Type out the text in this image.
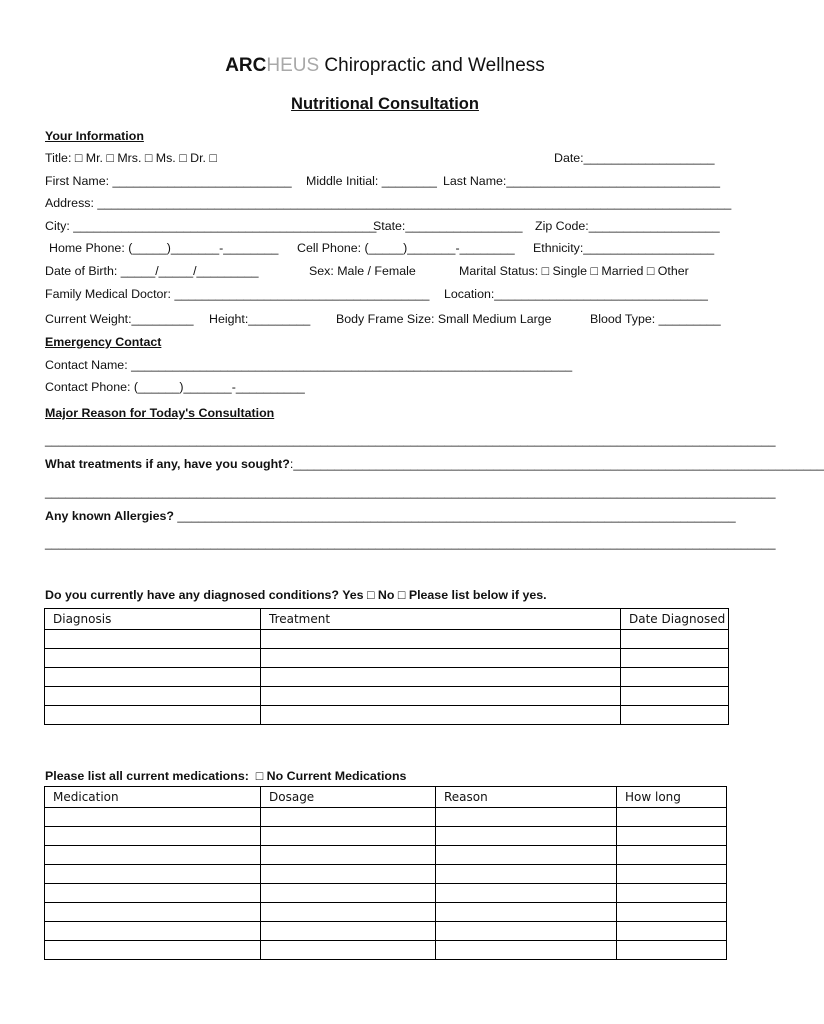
ARCHEUS Chiropractic and Wellness
Nutritional Consultation
Your Information
Title: □ Mr. □ Mrs. □ Ms. □ Dr. □	Date:___________________
First Name: __________________________ Middle Initial: ________ Last Name:_______________________________
Address: ____________________________________________________________________________________________
City: ____________________________________________
State:_________________ Zip Code:___________________
Home Phone: (_____)_______-________ Cell Phone: (_____)_______-________ Ethnicity:___________________
Date of Birth: _____/_____/_________	Sex: Male / Female	Marital Status: □ Single □ Married □ Other
Family Medical Doctor: _____________________________________ Location:_______________________________
Current Weight:_________ Height:_________ Body Frame Size: Small Medium Large	Blood Type: _________
Emergency Contact
Contact Name: ________________________________________________________________
Contact Phone: (______)_______-__________
Major Reason for Today's Consultation
__________________________________________________________________________________________________________
What treatments if any, have you sought?:_____________________________________________________________________________
__________________________________________________________________________________________________________
Any known Allergies? _________________________________________________________________________________
__________________________________________________________________________________________________________
Do you currently have any diagnosed conditions? Yes □ No □ Please list below if yes.
Diagnosis	Treatment	Date Diagnosed

Please list all current medications: □ No Current Medications
Medication	Dosage	Reason	How long
